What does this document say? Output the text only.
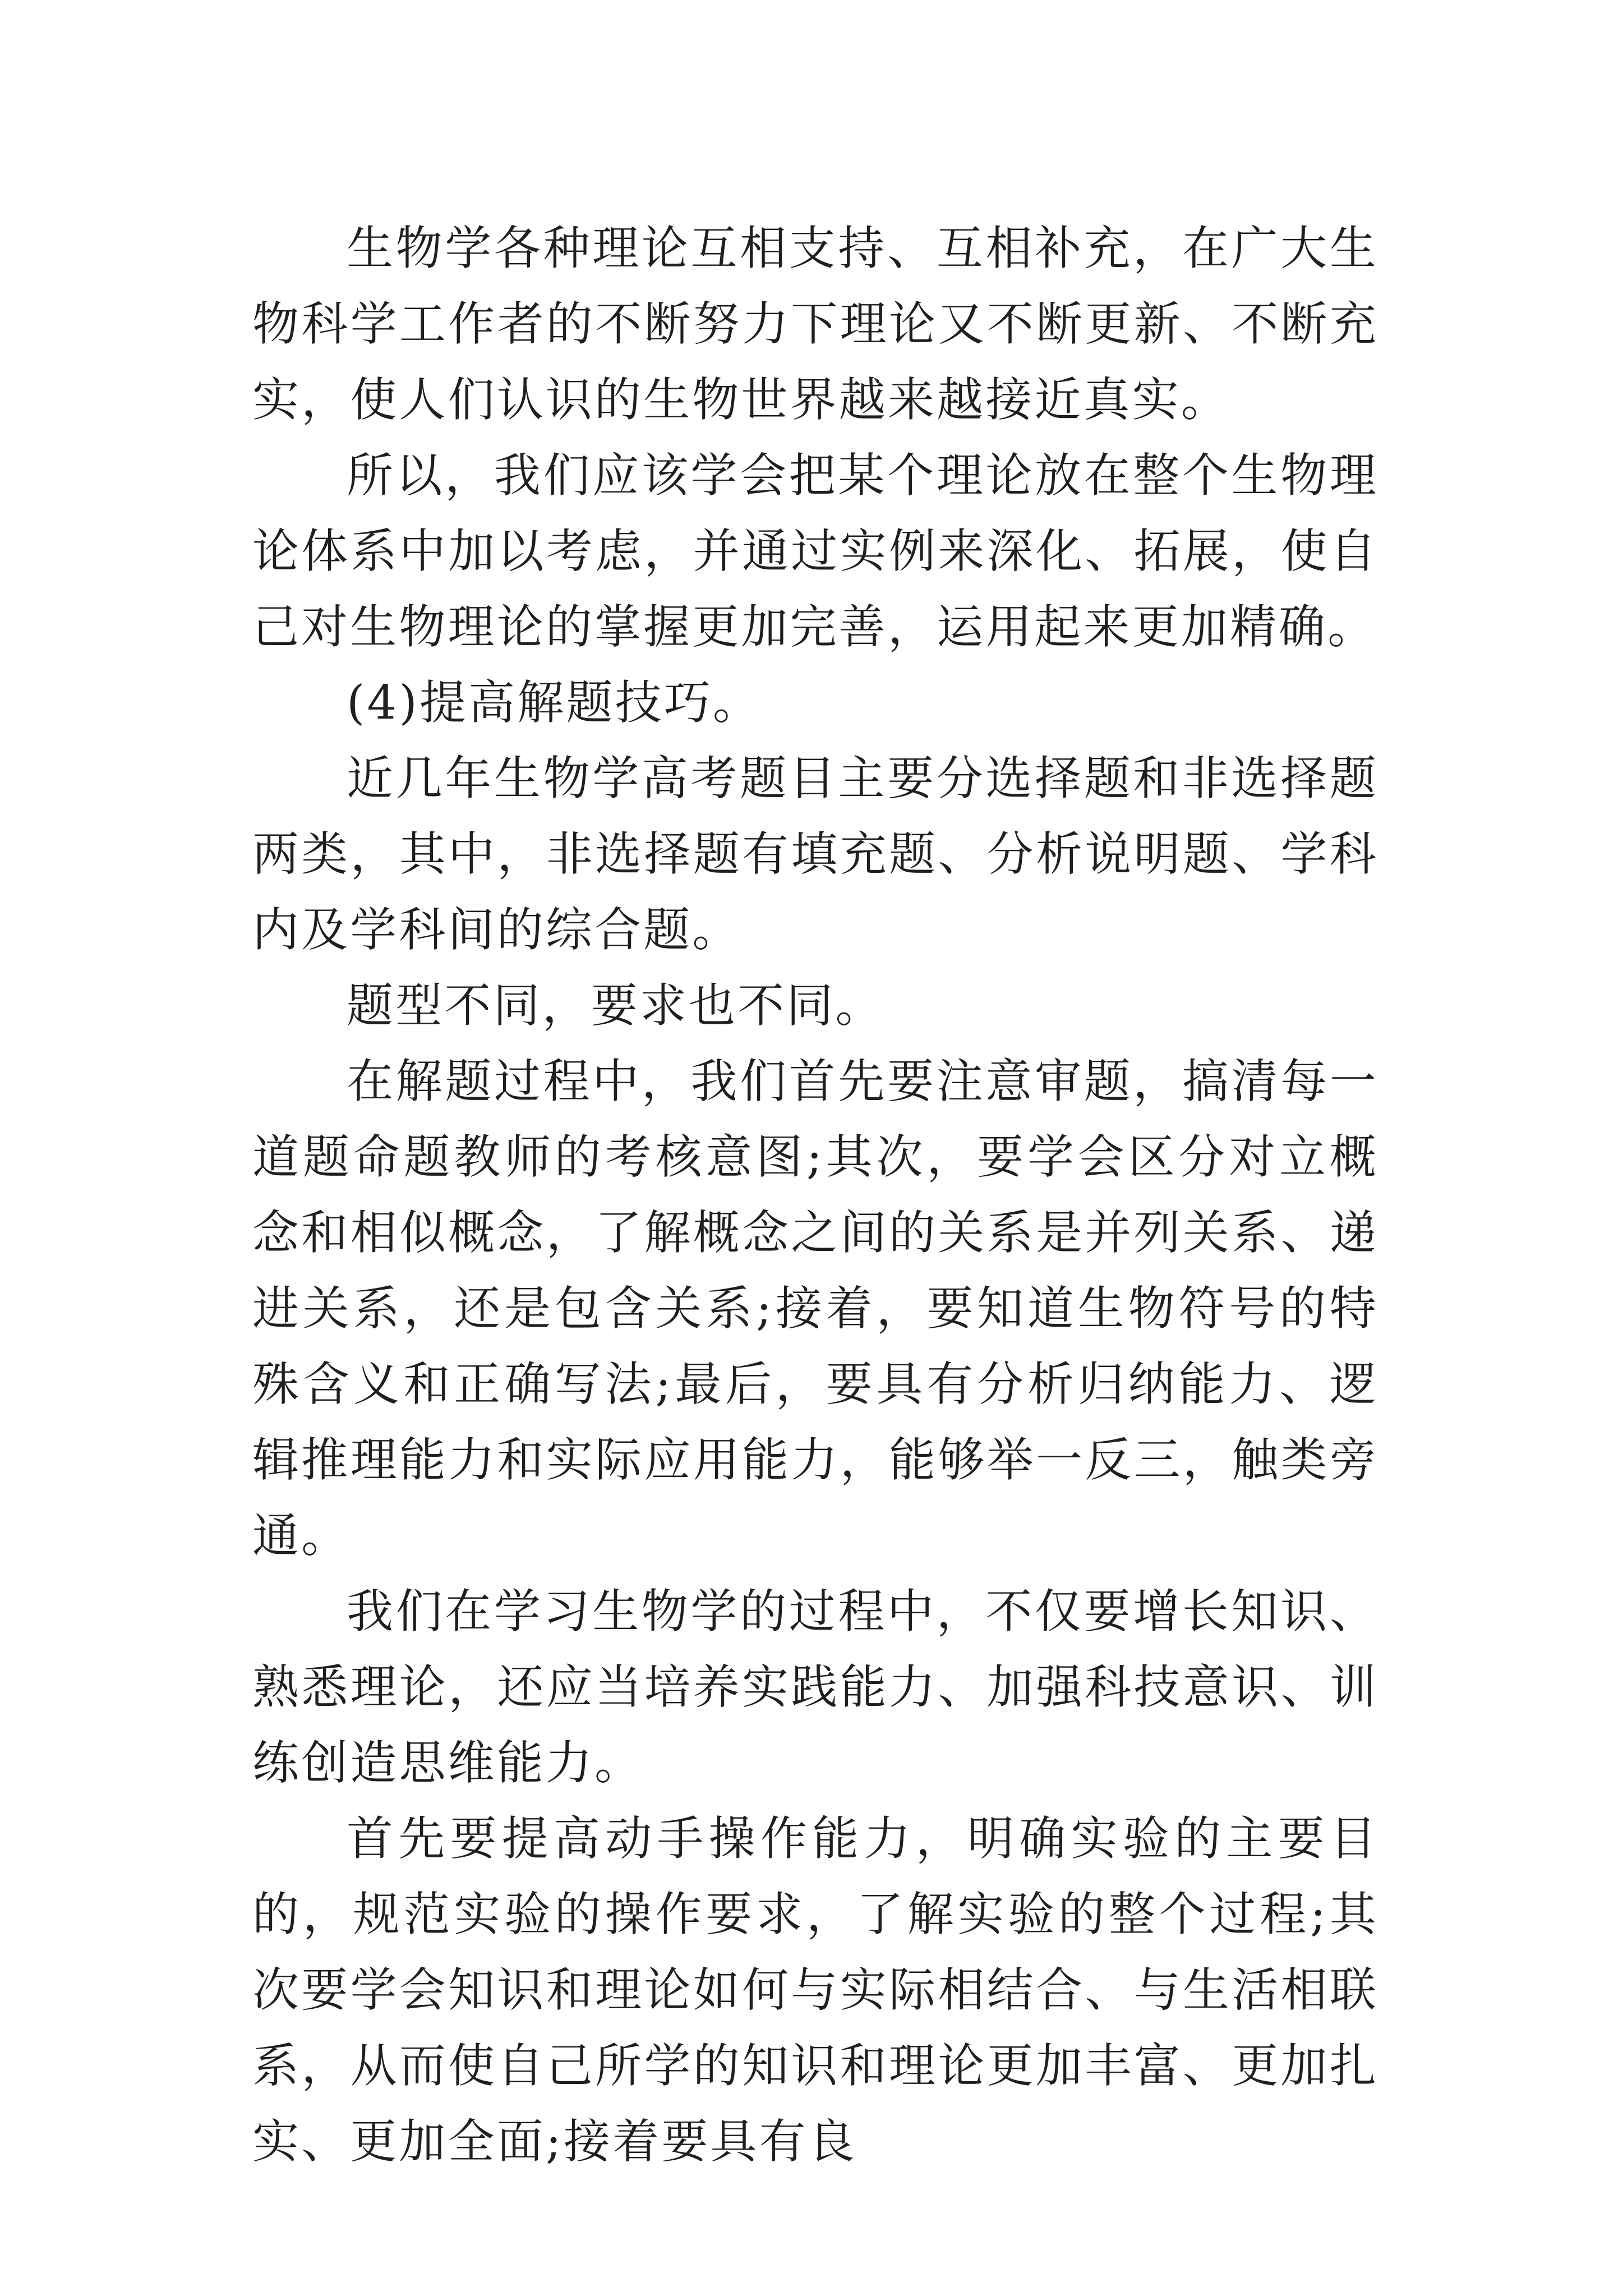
生物学各种理论互相支持、互相补充，在广大生物科学工作者的不断努力下理论又不断更新、不断充实，使人们认识的生物世界越来越接近真实。

所以，我们应该学会把某个理论放在整个生物理论体系中加以考虑，并通过实例来深化、拓展，使自己对生物理论的掌握更加完善，运用起来更加精确。

(4)提高解题技巧。

近几年生物学高考题目主要分选择题和非选择题两类，其中，非选择题有填充题、分析说明题、学科内及学科间的综合题。

题型不同，要求也不同。

在解题过程中，我们首先要注意审题，搞清每一道题命题教师的考核意图;其次，要学会区分对立概念和相似概念，了解概念之间的关系是并列关系、递进关系，还是包含关系;接着，要知道生物符号的特殊含义和正确写法;最后，要具有分析归纳能力、逻辑推理能力和实际应用能力，能够举一反三，触类旁通。

我们在学习生物学的过程中，不仅要增长知识、熟悉理论，还应当培养实践能力、加强科技意识、训练创造思维能力。

首先要提高动手操作能力，明确实验的主要目的，规范实验的操作要求，了解实验的整个过程;其次要学会知识和理论如何与实际相结合、与生活相联系，从而使自己所学的知识和理论更加丰富、更加扎实、更加全面;接着要具有良
